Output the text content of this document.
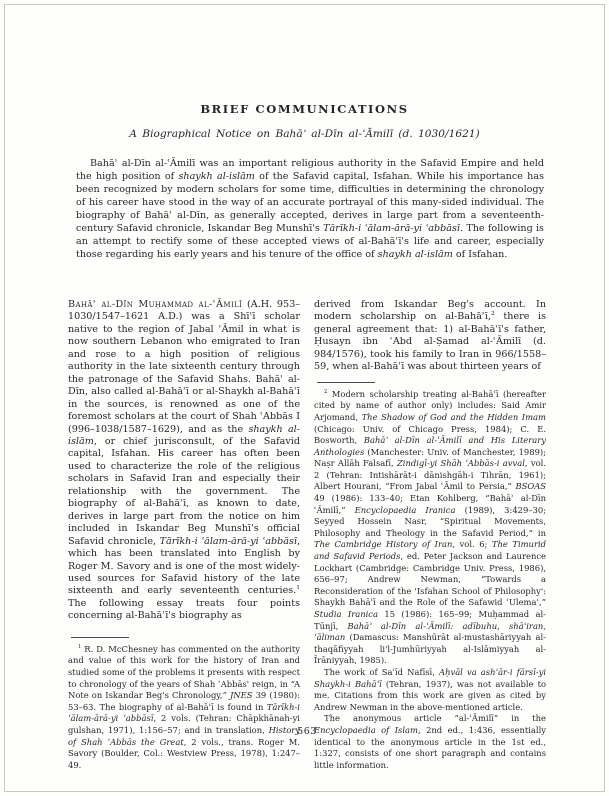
BRIEF COMMUNICATIONS
A Biographical Notice on Bahāʾ al-Dīn al-ʿĀmilī (d. 1030/1621)

Bahāʾ al-Dīn al-ʿĀmilī was an important religious authority in the Safavid Empire and held the high position of shaykh al-islām of the Safavid capital, Isfahan. While his importance has been recognized by modern scholars for some time, difficulties in determining the chronology of his career have stood in the way of an accurate portrayal of this many-sided individual. The biography of Bahāʾ al-Dīn, as generally accepted, derives in large part from a seventeenth-century Safavid chronicle, Iskandar Beg Munshī's Tārīkh-i ʿālam-ārā-yi ʿabbāsī. The following is an attempt to rectify some of these accepted views of al-Bahāʾī's life and career, especially those regarding his early years and his tenure of the office of shaykh al-islām of Isfahan.

Bahāʾ al-Dīn Muḥammad al-ʿĀmilī (A.H. 953–1030/1547–1621 A.D.) was a Shīʿī scholar native to the region of Jabal ʿĀmil in what is now southern Lebanon who emigrated to Iran and rose to a high position of religious authority in the late sixteenth century through the patronage of the Safavid Shahs. Bahāʾ al-Dīn, also called al-Bahāʾī or al-Shaykh al-Bahāʾī in the sources, is renowned as one of the foremost scholars at the court of Shah ʿAbbās I (996–1038/1587–1629), and as the shaykh al-islām, or chief jurisconsult, of the Safavid capital, Isfahan. His career has often been used to characterize the role of the religious scholars in Safavid Iran and especially their relationship with the government. The biography of al-Bahāʾī, as known to date, derives in large part from the notice on him included in Iskandar Beg Munshī's official Safavid chronicle, Tārīkh-i ʿālam-ārā-yi ʿabbāsī, which has been translated into English by Roger M. Savory and is one of the most widely-used sources for Safavid history of the late sixteenth and early seventeenth centuries.$^1$ The following essay treats four points concerning al-Bahāʾī's biography as

$^1$ R. D. McChesney has commented on the authority and value of this work for the history of Iran and studied some of the problems it presents with respect to chronology of the years of Shah ʿAbbās' reign, in “A Note on Iskandar Beg's Chronology,” JNES 39 (1980): 53–63. The biography of al-Bahāʾī is found in Tārīkh-i ʿālam-ārā-yi ʿabbāsī, 2 vols. (Tehran: Chāpkhānah-yi gulshan, 1971), 1:156–57; and in translation, History of Shah ʿAbbās the Great, 2 vols., trans. Roger M. Savory (Boulder, Col.: Westview Press, 1978), 1:247–49.

derived from Iskandar Beg's account. In modern scholarship on al-Bahāʾī,$^2$ there is general agreement that: 1) al-Bahāʾī's father, Ḥusayn ibn ʿAbd al-Ṣamad al-ʿĀmilī (d. 984/1576), took his family to Iran in 966/1558–59, when al-Bahāʾī was about thirteen years of

$^2$ Modern scholarship treating al-Bahāʾī (hereafter cited by name of author only) includes: Said Amir Arjomand, The Shadow of God and the Hidden Imam (Chicago: Univ. of Chicago Press, 1984); C. E. Bosworth, Bahāʾ al-Dīn al-ʿĀmilī and His Literary Anthologies (Manchester: Univ. of Manchester, 1989); Naṣr Allāh Falsafī, Zindigī-yi Shāh ʿAbbās-i avval, vol. 2 (Tehran: Intishārāt-i dānishgāh-i Tihrān, 1961); Albert Hourani, “From Jabal ʿĀmil to Persia,” BSOAS 49 (1986): 133–40; Etan Kohlberg, “Bahāʾ al-Dīn ʿĀmilī,” Encyclopaedia Iranica (1989), 3:429–30; Seyyed Hossein Nasr, “Spiritual Movements, Philosophy and Theology in the Safavid Period,” in The Cambridge History of Iran, vol. 6; The Timurid and Safavid Periods, ed. Peter Jackson and Laurence Lockhart (Cambridge: Cambridge Univ. Press, 1986), 656–97; Andrew Newman, “Towards a Reconsideration of the 'Isfahan School of Philosophy': Shaykh Bahāʾī and the Role of the Safawid ʿUlemaʾ,” Studia Iranica 15 (1986): 165–99; Muḥammad al-Tūnjī, Bahāʾ al-Dīn al-ʿĀmilī: adībuhu, shāʿiran, ʿāliman (Damascus: Manshūrāt al-mustashāriyyah al-thaqāfiyyah li'l-Jumhūriyyah al-Islāmiyyah al-Īrāniyyah, 1985).

The work of Saʿīd Nafīsī, Aḥvāl va ashʿār-i fārsī-yi Shaykh-i Bahāʾī (Tehran, 1937), was not available to me. Citations from this work are given as cited by Andrew Newman in the above-mentioned article.

The anonymous article “al-ʿĀmilī” in the Encyclopaedia of Islam, 2nd ed., 1:436, essentially identical to the anonymous article in the 1st ed., 1:327, consists of one short paragraph and contains little information.

563
